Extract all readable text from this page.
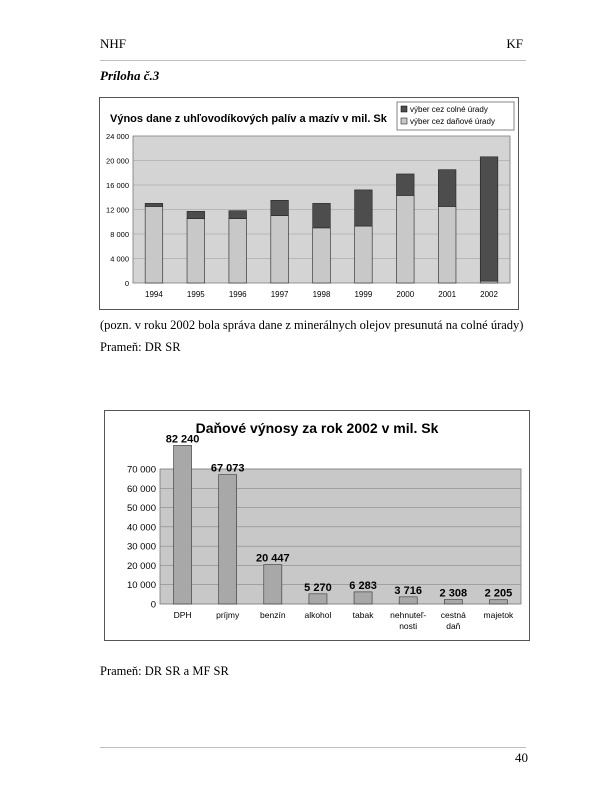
NHF	KF
Príloha č.3
Výnos dane z uhľovodíkových palív a mazív v mil. Sk
0
4 000
8 000
12 000
16 000
20 000
24 000
1994	1995	1996	1997	1998	1999	2000	2001	2002
výber cez colné úrady
výber cez daňové úrady
(pozn. v roku 2002 bola správa dane z minerálnych olejov presunutá na colné úrady)
Prameň: DR SR
Daňové výnosy za rok 2002 v mil. Sk
0
10 000
20 000
30 000
40 000
50 000
60 000
70 000
82 240
DPH
67 073
príjmy
20 447
benzín
5 270
alkohol
6 283
tabak
3 716
nehnuteľ-
nosti
2 308
cestná
daň
2 205
majetok
Prameň: DR SR a MF SR
40
